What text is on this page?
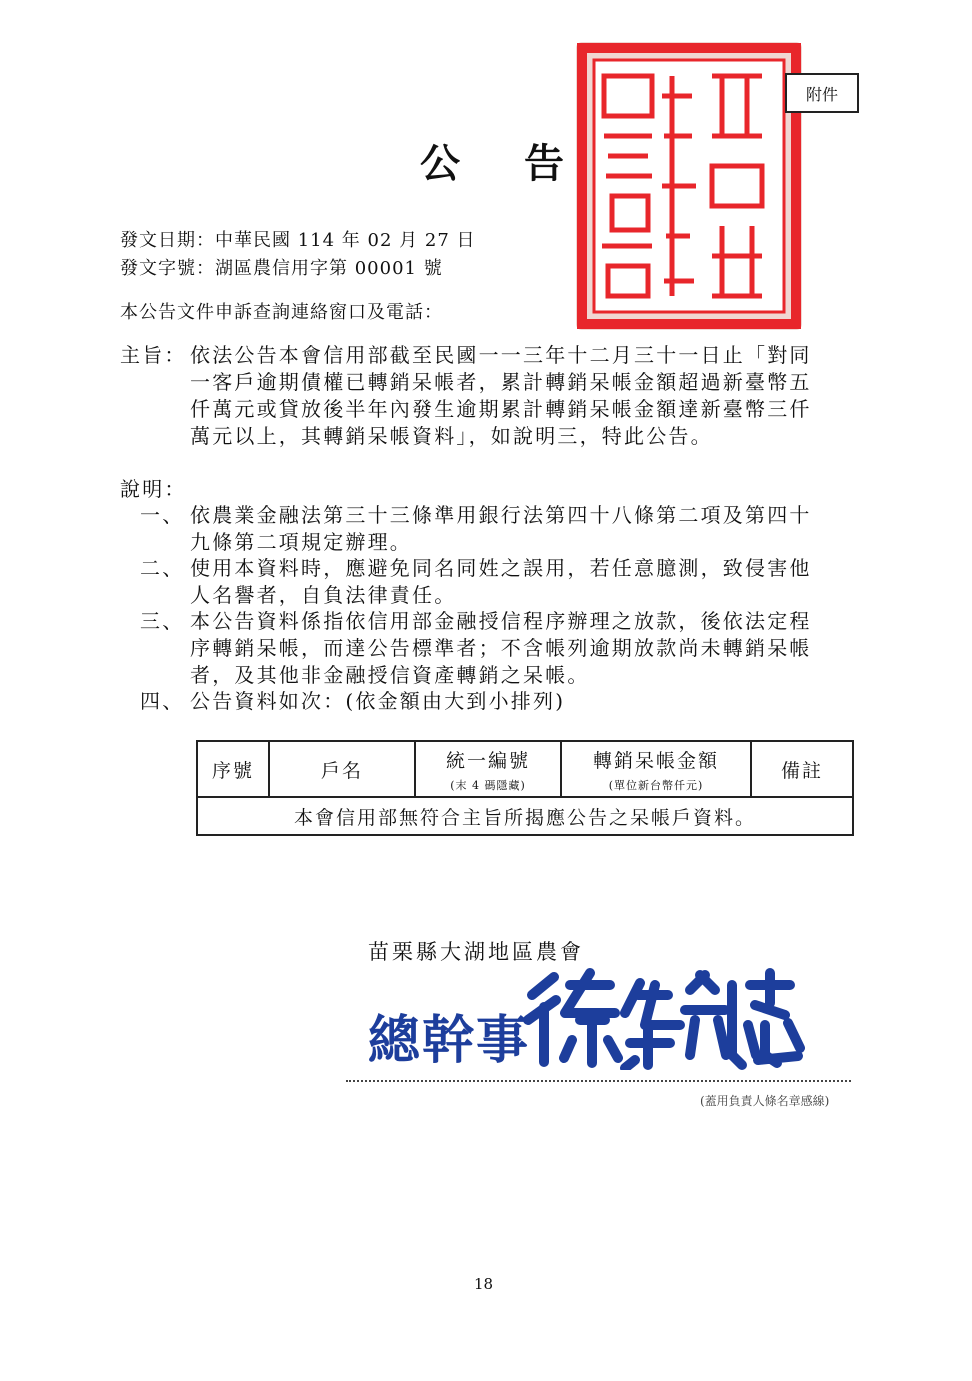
附件
公告
發文日期：中華民國 114 年 02 月 27 日
發文字號：湖區農信用字第 00001 號
本公告文件申訴查詢連絡窗口及電話：
主旨： 依法公告本會信用部截至民國一一三年十二月三十一日止「對同
一客戶逾期債權已轉銷呆帳者，累計轉銷呆帳金額超過新臺幣五
仟萬元或貸放後半年內發生逾期累計轉銷呆帳金額達新臺幣三仟
萬元以上，其轉銷呆帳資料」，如說明三，特此公告。
說明：
一、 依農業金融法第三十三條準用銀行法第四十八條第二項及第四十
九條第二項規定辦理。
二、 使用本資料時，應避免同名同姓之誤用，若任意臆測，致侵害他
人名譽者，自負法律責任。
三、 本公告資料係指依信用部金融授信程序辦理之放款，後依法定程
序轉銷呆帳，而達公告標準者；不含帳列逾期放款尚未轉銷呆帳
者，及其他非金融授信資產轉銷之呆帳。
四、 公告資料如次：(依金額由大到小排列)
序號	戶名	統一編號
(末 4 碼隱藏)
	轉銷呆帳金額
(單位新台幣仟元)
	備註
本會信用部無符合主旨所揭應公告之呆帳戶資料。
苗栗縣大湖地區農會
總幹事
(蓋用負責人條名章感線)
18
